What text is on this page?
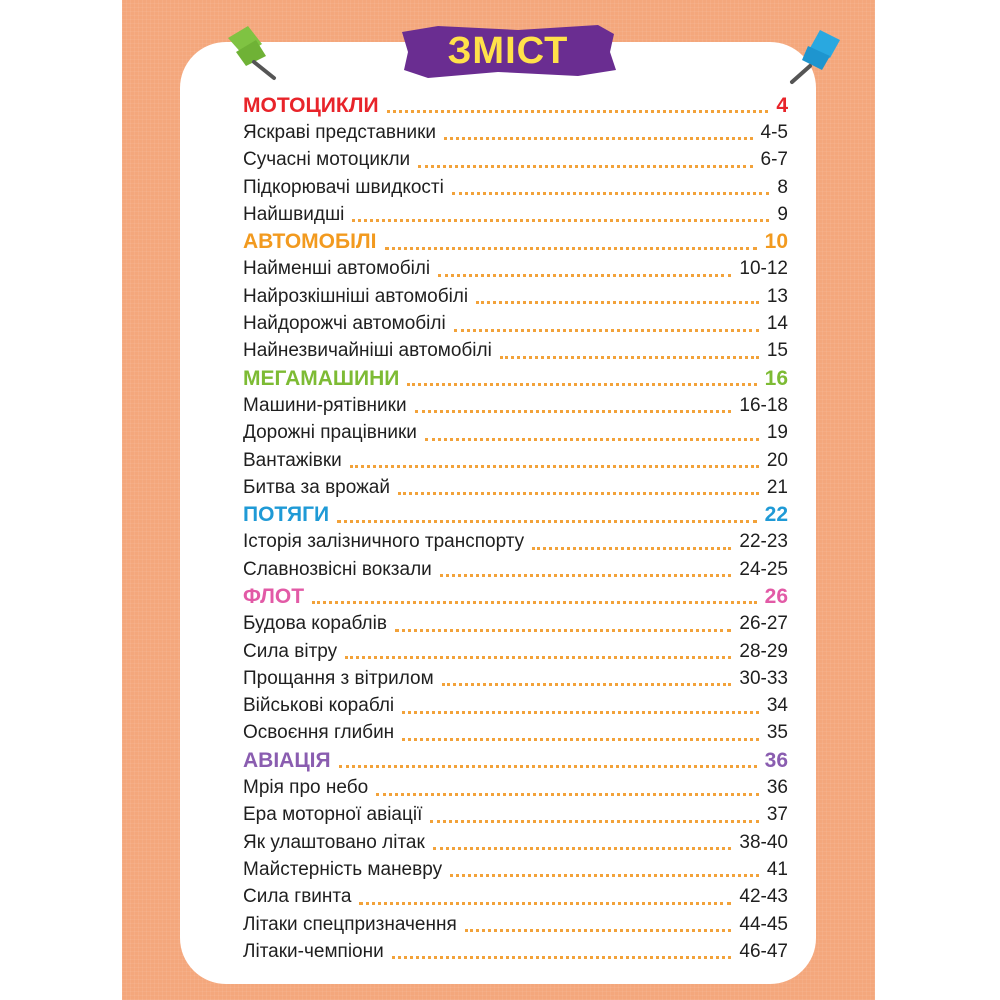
ЗМІСТ
МОТОЦИКЛИ	4
Яскраві представники	4-5
Сучасні мотоцикли	6-7
Підкорювачі швидкості	8
Найшвидші	9
АВТОМОБІЛІ	10
Найменші автомобілі	10-12
Найрозкішніші автомобілі	13
Найдорожчі автомобілі	14
Найнезвичайніші автомобілі	15
МЕГАМАШИНИ	16
Машини-рятівники	16-18
Дорожні працівники	19
Вантажівки	20
Битва за врожай	21
ПОТЯГИ	22
Історія залізничного транспорту	22-23
Славнозвісні вокзали	24-25
ФЛОТ	26
Будова кораблів	26-27
Сила вітру	28-29
Прощання з вітрилом	30-33
Військові кораблі	34
Освоєння глибин	35
АВІАЦІЯ	36
Мрія про небо	36
Ера моторної авіації	37
Як улаштовано літак	38-40
Майстерність маневру	41
Сила гвинта	42-43
Літаки спецпризначення	44-45
Літаки-чемпіони	46-47
